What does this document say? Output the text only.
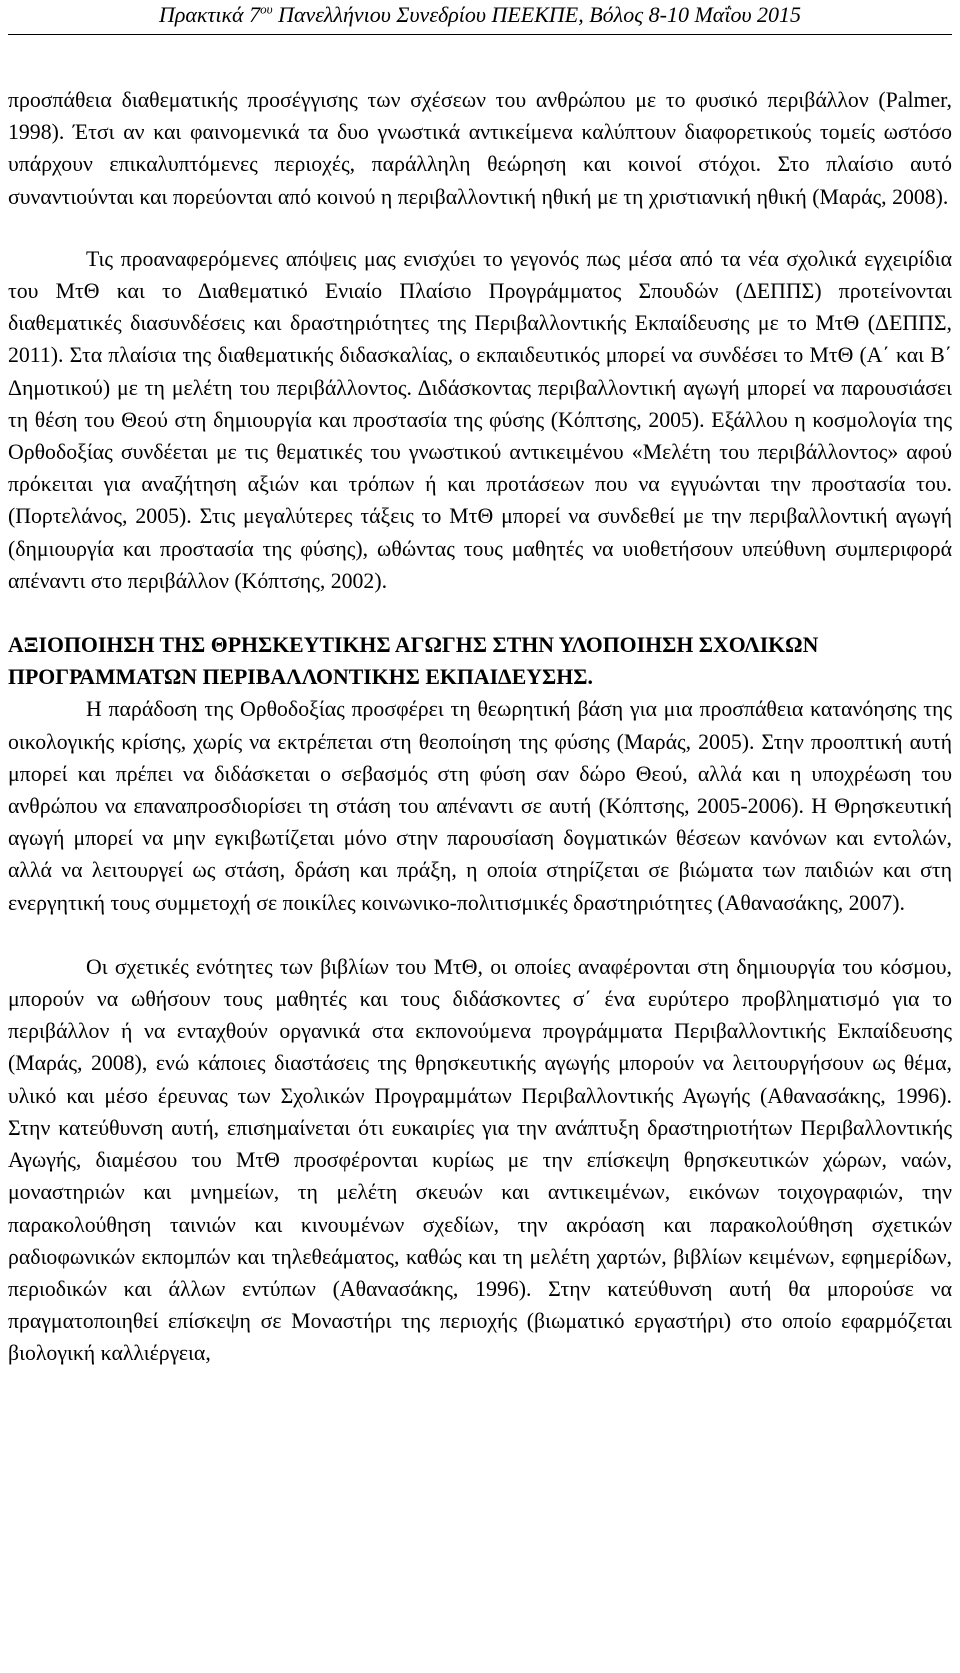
Πρακτικά $7^{o\upsilon}$ Πανελλήνιου Συνεδρίου ΠΕΕΚΠΕ, Βόλος 8-10 Μαΐου 2015

προσπάθεια διαθεματικής προσέγγισης των σχέσεων του ανθρώπου με το φυσικό περιβάλλον (Palmer, 1998). Έτσι αν και φαινομενικά τα δυο γνωστικά αντικείμενα καλύπτουν διαφορετικούς τομείς ωστόσο υπάρχουν επικαλυπτόμενες περιοχές, παράλληλη θεώρηση και κοινοί στόχοι. Στο πλαίσιο αυτό συναντιούνται και πορεύονται από κοινού η περιβαλλοντική ηθική με τη χριστιανική ηθική (Μαράς, 2008).

Τις προαναφερόμενες απόψεις μας ενισχύει το γεγονός πως μέσα από τα νέα σχολικά εγχειρίδια του ΜτΘ και το Διαθεματικό Ενιαίο Πλαίσιο Προγράμματος Σπουδών (ΔΕΠΠΣ) προτείνονται διαθεματικές διασυνδέσεις και δραστηριότητες της Περιβαλλοντικής Εκπαίδευσης με το ΜτΘ (ΔΕΠΠΣ, 2011). Στα πλαίσια της διαθεματικής διδασκαλίας, ο εκπαιδευτικός μπορεί να συνδέσει το ΜτΘ (Α΄ και Β΄ Δημοτικού) με τη μελέτη του περιβάλλοντος. Διδάσκοντας περιβαλλοντική αγωγή μπορεί να παρουσιάσει τη θέση του Θεού στη δημιουργία και προστασία της φύσης (Κόπτσης, 2005). Εξάλλου η κοσμολογία της Ορθοδοξίας συνδέεται με τις θεματικές του γνωστικού αντικειμένου «Μελέτη του περιβάλλοντος» αφού πρόκειται για αναζήτηση αξιών και τρόπων ή και προτάσεων που να εγγυώνται την προστασία του. (Πορτελάνος, 2005). Στις μεγαλύτερες τάξεις το ΜτΘ μπορεί να συνδεθεί με την περιβαλλοντική αγωγή (δημιουργία και προστασία της φύσης), ωθώντας τους μαθητές να υιοθετήσουν υπεύθυνη συμπεριφορά απέναντι στο περιβάλλον (Κόπτσης, 2002).

ΑΞΙΟΠΟΙΗΣΗ ΤΗΣ ΘΡΗΣΚΕΥΤΙΚΗΣ ΑΓΩΓΗΣ ΣΤΗΝ ΥΛΟΠΟΙΗΣΗ ΣΧΟΛΙΚΩΝ ΠΡΟΓΡΑΜΜΑΤΩΝ ΠΕΡΙΒΑΛΛΟΝΤΙΚΗΣ ΕΚΠΑΙΔΕΥΣΗΣ.

Η παράδοση της Ορθοδοξίας προσφέρει τη θεωρητική βάση για μια προσπάθεια κατανόησης της οικολογικής κρίσης, χωρίς να εκτρέπεται στη θεοποίηση της φύσης (Μαράς, 2005). Στην προοπτική αυτή μπορεί και πρέπει να διδάσκεται ο σεβασμός στη φύση σαν δώρο Θεού, αλλά και η υποχρέωση του ανθρώπου να επαναπροσδιορίσει τη στάση του απέναντι σε αυτή (Κόπτσης, 2005-2006). Η Θρησκευτική αγωγή μπορεί να μην εγκιβωτίζεται μόνο στην παρουσίαση δογματικών θέσεων κανόνων και εντολών, αλλά να λειτουργεί ως στάση, δράση και πράξη, η οποία στηρίζεται σε βιώματα των παιδιών και στη ενεργητική τους συμμετοχή σε ποικίλες κοινωνικο-πολιτισμικές δραστηριότητες (Αθανασάκης, 2007).

Οι σχετικές ενότητες των βιβλίων του ΜτΘ, οι οποίες αναφέρονται στη δημιουργία του κόσμου, μπορούν να ωθήσουν τους μαθητές και τους διδάσκοντες σ΄ ένα ευρύτερο προβληματισμό για το περιβάλλον ή να ενταχθούν οργανικά στα εκπονούμενα προγράμματα Περιβαλλοντικής Εκπαίδευσης (Μαράς, 2008), ενώ κάποιες διαστάσεις της θρησκευτικής αγωγής μπορούν να λειτουργήσουν ως θέμα, υλικό και μέσο έρευνας των Σχολικών Προγραμμάτων Περιβαλλοντικής Αγωγής (Αθανασάκης, 1996). Στην κατεύθυνση αυτή, επισημαίνεται ότι ευκαιρίες για την ανάπτυξη δραστηριοτήτων Περιβαλλοντικής Αγωγής, διαμέσου του ΜτΘ προσφέρονται κυρίως με την επίσκεψη θρησκευτικών χώρων, ναών, μοναστηριών και μνημείων, τη μελέτη σκευών και αντικειμένων, εικόνων τοιχογραφιών, την παρακολούθηση ταινιών και κινουμένων σχεδίων, την ακρόαση και παρακολούθηση σχετικών ραδιοφωνικών εκπομπών και τηλεθεάματος, καθώς και τη μελέτη χαρτών, βιβλίων κειμένων, εφημερίδων, περιοδικών και άλλων εντύπων (Αθανασάκης, 1996). Στην κατεύθυνση αυτή θα μπορούσε να πραγματοποιηθεί επίσκεψη σε Μοναστήρι της περιοχής (βιωματικό εργαστήρι) στο οποίο εφαρμόζεται βιολογική καλλιέργεια,
